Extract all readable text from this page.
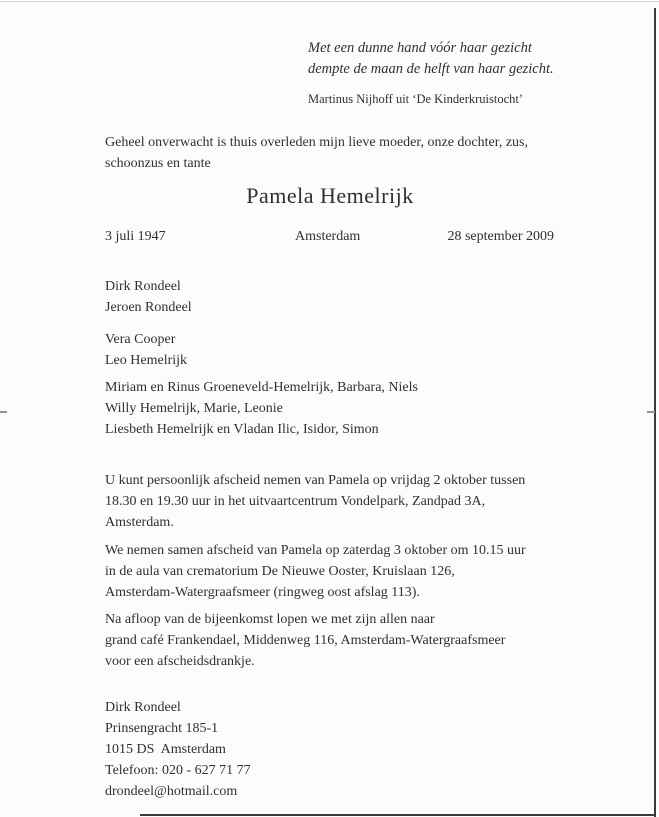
Met een dunne hand vóór haar gezicht
dempte de maan de helft van haar gezicht.
Martinus Nijhoff uit ‘De Kinderkruistocht’
Geheel onverwacht is thuis overleden mijn lieve moeder, onze dochter, zus,
schoonzus en tante
Pamela Hemelrijk
3 juli 1947	Amsterdam	28 september 2009
Dirk Rondeel
Jeroen Rondeel
Vera Cooper
Leo Hemelrijk
Miriam en Rinus Groeneveld-Hemelrijk, Barbara, Niels
Willy Hemelrijk, Marie, Leonie
Liesbeth Hemelrijk en Vladan Ilic, Isidor, Simon
U kunt persoonlijk afscheid nemen van Pamela op vrijdag 2 oktober tussen
18.30 en 19.30 uur in het uitvaartcentrum Vondelpark, Zandpad 3A,
Amsterdam.
We nemen samen afscheid van Pamela op zaterdag 3 oktober om 10.15 uur
in de aula van crematorium De Nieuwe Ooster, Kruislaan 126,
Amsterdam-Watergraafsmeer (ringweg oost afslag 113).
Na afloop van de bijeenkomst lopen we met zijn allen naar
grand café Frankendael, Middenweg 116, Amsterdam-Watergraafsmeer
voor een afscheidsdrankje.
Dirk Rondeel
Prinsengracht 185-1
1015 DS  Amsterdam
Telefoon: 020 - 627 71 77
drondeel@hotmail.com
